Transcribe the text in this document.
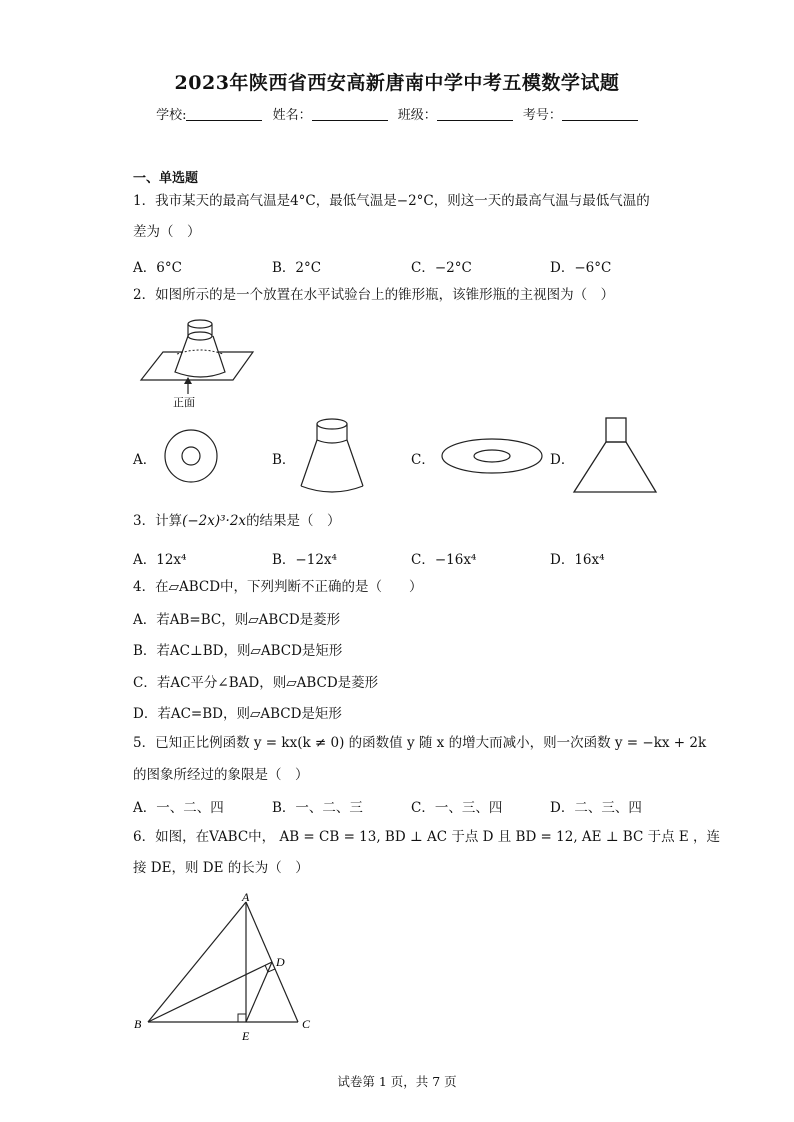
2023年陕西省西安高新唐南中学中考五模数学试题
学校:	姓名：	班级：	考号：
一、单选题
1．我市某天的最高气温是4°C，最低气温是−2°C，则这一天的最高气温与最低气温的
差为（　）
A．6°C	B．2°C	C．−2°C	D．−6°C
2．如图所示的是一个放置在水平试验台上的锥形瓶，该锥形瓶的主视图为（　）
正面
A．	B．	C．	D．
3．计算(−2x)³·2x的结果是（　）
A．12x⁴	B．−12x⁴	C．−16x⁴	D．16x⁴
4．在▱ABCD中，下列判断不正确的是（　　）
A．若AB=BC，则▱ABCD是菱形
B．若AC⊥BD，则▱ABCD是矩形
C．若AC平分∠BAD，则▱ABCD是菱形
D．若AC=BD，则▱ABCD是矩形
5．已知正比例函数 y = kx(k ≠ 0) 的函数值 y 随 x 的增大而减小，则一次函数 y = −kx + 2k
的图象所经过的象限是（　）
A．一、二、四	B．一、二、三	C．一、三、四	D．二、三、四
6．如图，在VABC中， AB = CB = 13, BD ⊥ AC 于点 D 且 BD = 12, AE ⊥ BC 于点 E ，连
接 DE，则 DE 的长为（　）
A
B	C
D
E
试卷第 1 页，共 7 页
